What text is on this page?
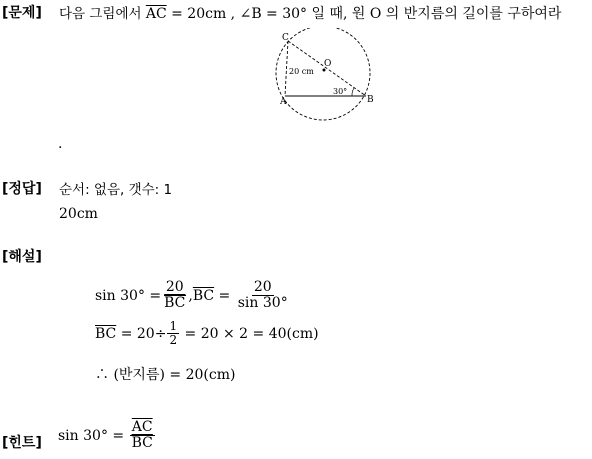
[문제] 다음 그림에서 $\overline{AC} = 20cm$ , ∠B = 30° 일 때, 원 O 의 반지름의 길이를 구하여라
C
O
A	B
20 cm
30°
.
[정답] 순서: 없음, 갯수: 1
20cm
[해설]
$\sin 30^\circ = \frac{20}{BC}$ , $\overline{BC} = \frac{20}{\sin 30^\circ}$
$\overline{BC} = 20\div \frac{1}{2} = 20 \times 2 = 40(cm)$
∴ (반지름) = 20(cm)
[힌트] $\sin 30^\circ = \frac{\overline{AC}}{BC}$
